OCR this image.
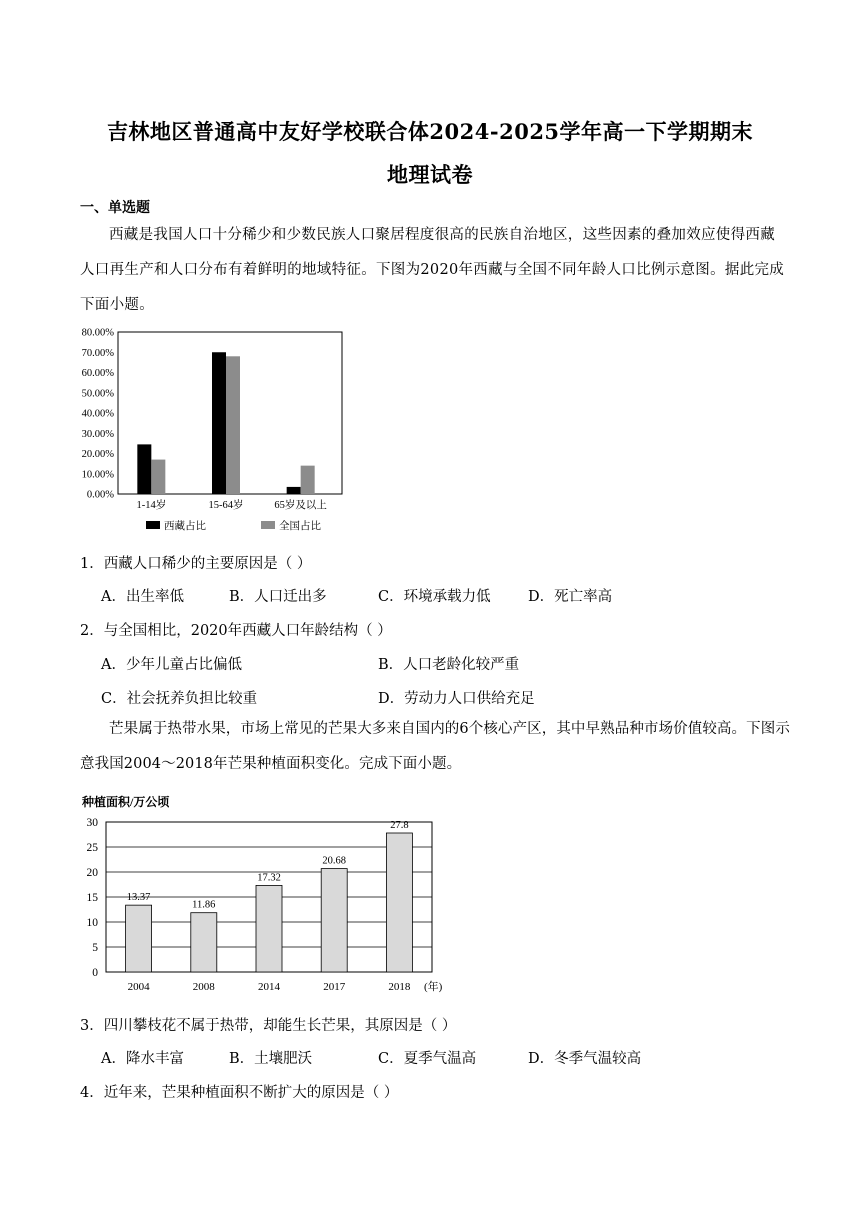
吉林地区普通高中友好学校联合体2024-2025学年高一下学期期末
地理试卷
一、单选题
西藏是我国人口十分稀少和少数民族人口聚居程度很高的民族自治地区，这些因素的叠加效应使得西藏人口再生产和人口分布有着鲜明的地域特征。下图为2020年西藏与全国不同年龄人口比例示意图。据此完成下面小题。
0.00%
10.00%
20.00%
30.00%
40.00%
50.00%
60.00%
70.00%
80.00%
1-14岁	15-64岁	65岁及以上
西藏占比	全国占比
1．西藏人口稀少的主要原因是（ ）
A．出生率低	B．人口迁出多	C．环境承载力低	D．死亡率高
2．与全国相比，2020年西藏人口年龄结构（ ）
A．少年儿童占比偏低	B．人口老龄化较严重
C．社会抚养负担比较重	D．劳动力人口供给充足
芒果属于热带水果，市场上常见的芒果大多来自国内的6个核心产区，其中早熟品种市场价值较高。下图示意我国2004～2018年芒果种植面积变化。完成下面小题。
种植面积/万公顷
0
5
10
15
20
25
30
13.37
2004
11.86
2008
17.32
2014
20.68
2017
27.8
2018 (年)
3．四川攀枝花不属于热带，却能生长芒果，其原因是（ ）
A．降水丰富	B．土壤肥沃	C．夏季气温高	D．冬季气温较高
4．近年来，芒果种植面积不断扩大的原因是（ ）
